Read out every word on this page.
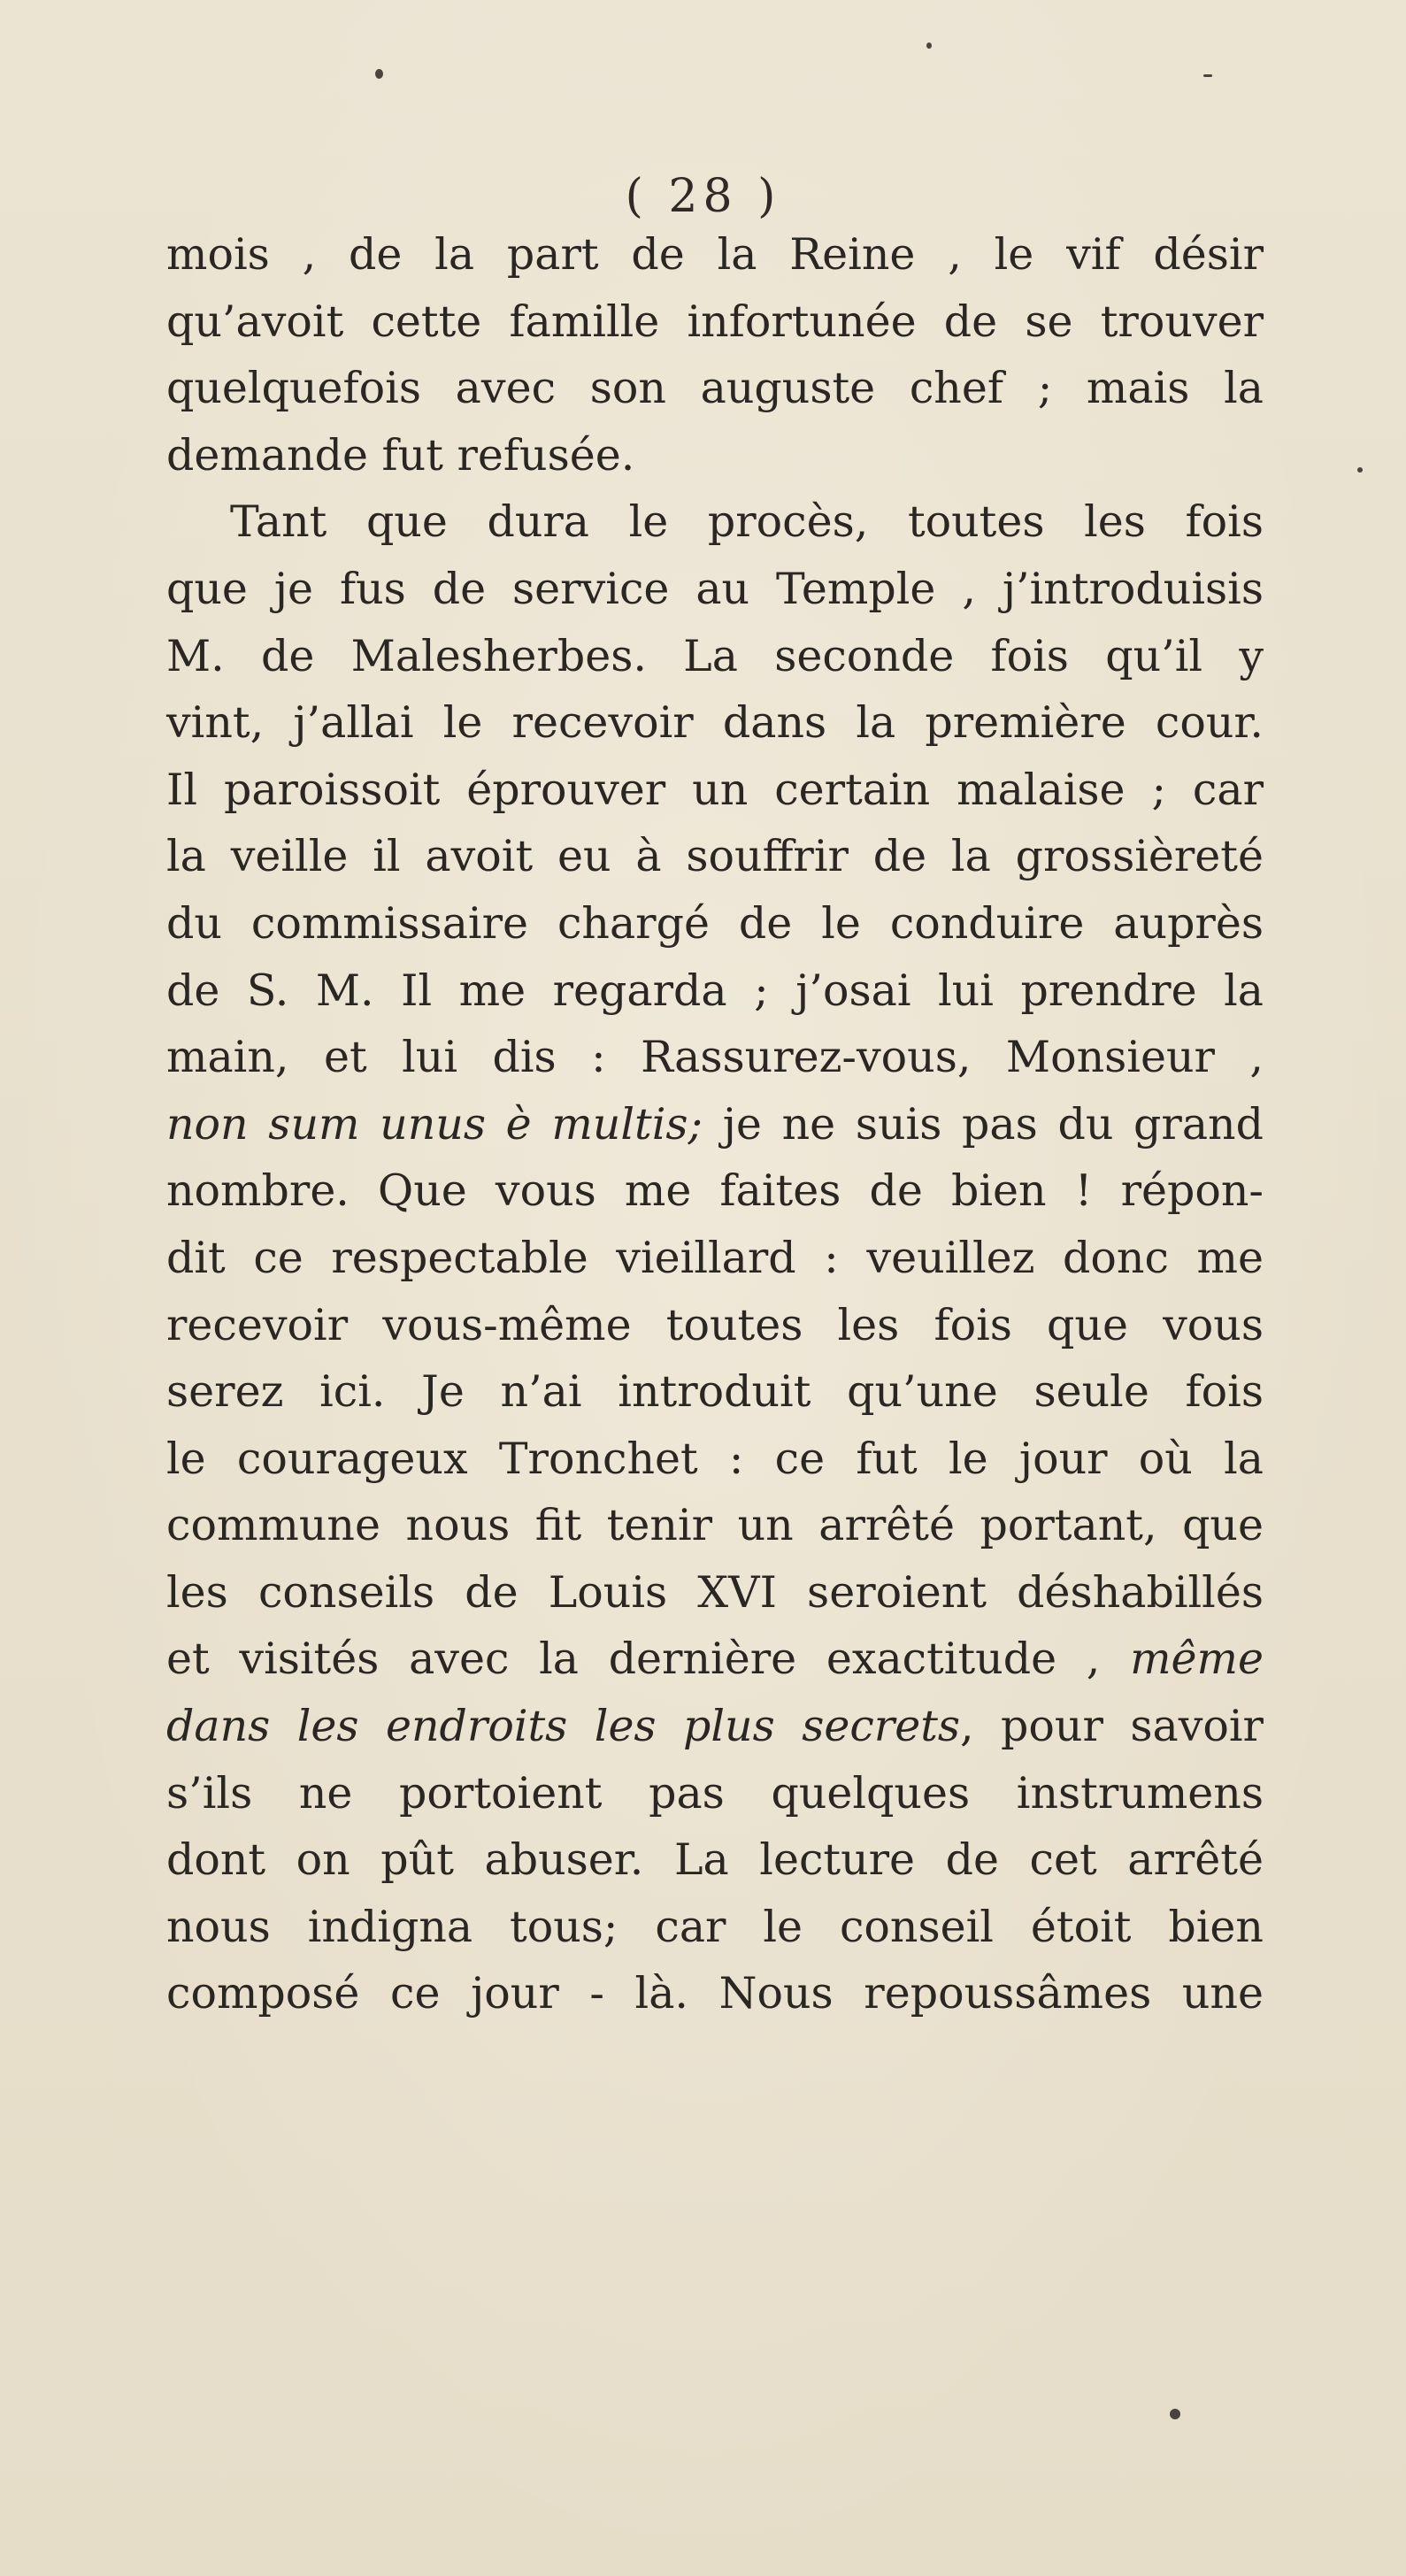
( 28 )
mois , de la part de la Reine , le vif désir
qu’avoit cette famille infortunée de se trouver
quelquefois avec son auguste chef ; mais la
demande fut refusée.
Tant que dura le procès, toutes les fois
que je fus de service au Temple , j’introduisis
M. de Malesherbes. La seconde fois qu’il y
vint, j’allai le recevoir dans la première cour.
Il paroissoit éprouver un certain malaise ; car
la veille il avoit eu à souffrir de la grossièreté
du commissaire chargé de le conduire auprès
de S. M. Il me regarda ; j’osai lui prendre la
main, et lui dis : Rassurez-vous, Monsieur ,
non sum unus è multis; je ne suis pas du grand
nombre. Que vous me faites de bien ! répon-
dit ce respectable vieillard : veuillez donc me
recevoir vous-même toutes les fois que vous
serez ici. Je n’ai introduit qu’une seule fois
le courageux Tronchet : ce fut le jour où la
commune nous fit tenir un arrêté portant, que
les conseils de Louis XVI seroient déshabillés
et visités avec la dernière exactitude , même
dans les endroits les plus secrets, pour savoir
s’ils ne portoient pas quelques instrumens
dont on pût abuser. La lecture de cet arrêté
nous indigna tous; car le conseil étoit bien
composé ce jour - là. Nous repoussâmes une
